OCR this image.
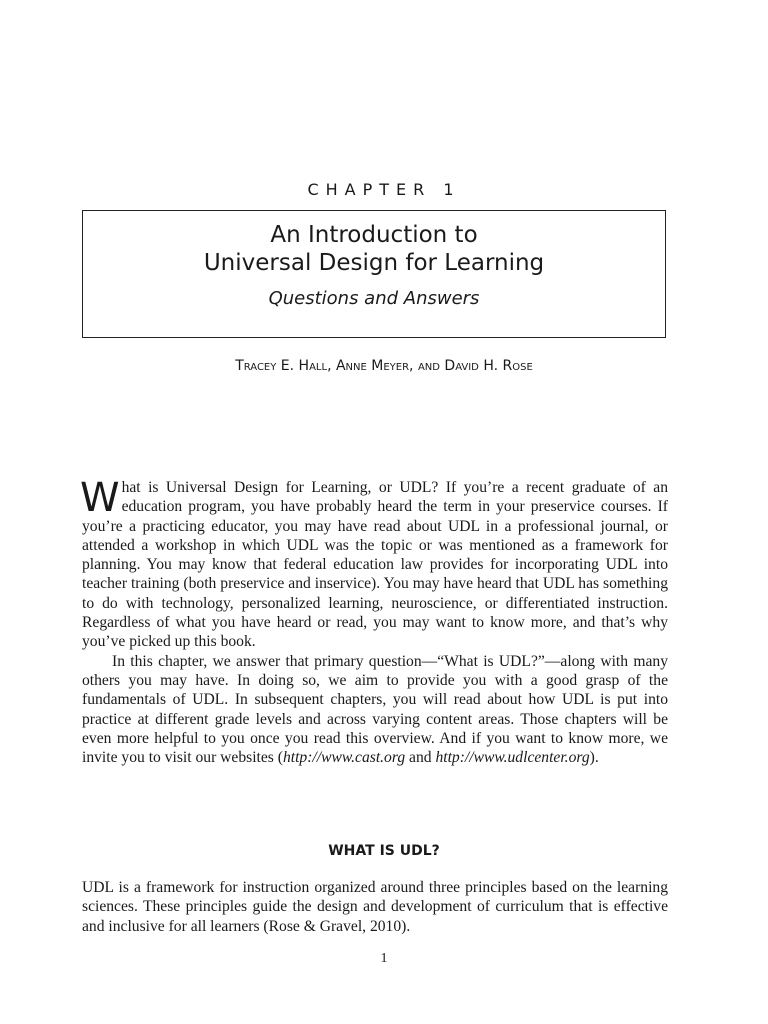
CHAPTER 1
An Introduction to
Universal Design for Learning
Questions and Answers
Tracey E. Hall, Anne Meyer, and David H. Rose

What is Universal Design for Learning, or UDL? If you’re a recent graduate of an education program, you have probably heard the term in your preservice courses. If you’re a practicing educator, you may have read about UDL in a professional journal, or attended a workshop in which UDL was the topic or was mentioned as a framework for planning. You may know that federal education law provides for incorporating UDL into teacher training (both preservice and inservice). You may have heard that UDL has something to do with technology, personalized learning, neuroscience, or differentiated instruction. Regardless of what you have heard or read, you may want to know more, and that’s why you’ve picked up this book.

In this chapter, we answer that primary question—“What is UDL?”—along with many others you may have. In doing so, we aim to provide you with a good grasp of the fundamentals of UDL. In subsequent chapters, you will read about how UDL is put into practice at different grade levels and across varying content areas. Those chapters will be even more helpful to you once you read this overview. And if you want to know more, we invite you to visit our websites (http://www.cast.org and http://www.udlcenter.org).

WHAT IS UDL?

UDL is a framework for instruction organized around three principles based on the learning sciences. These principles guide the design and development of curriculum that is effective and inclusive for all learners (Rose & Gravel, 2010).

1
